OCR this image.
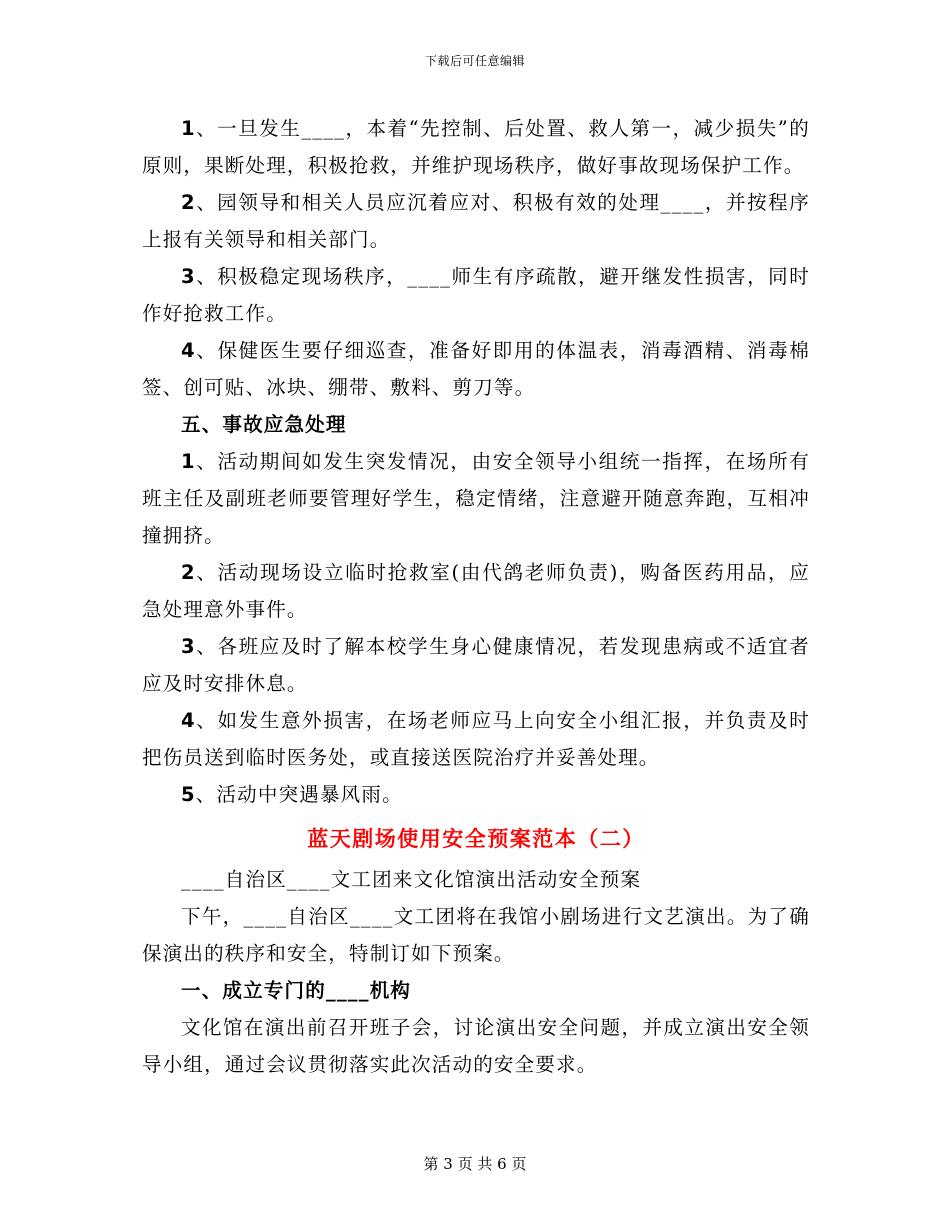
下载后可任意编辑

1、一旦发生____，本着“先控制、后处置、救人第一，减少损失”的原则，果断处理，积极抢救，并维护现场秩序，做好事故现场保护工作。

2、园领导和相关人员应沉着应对、积极有效的处理____，并按程序上报有关领导和相关部门。

3、积极稳定现场秩序，____师生有序疏散，避开继发性损害，同时作好抢救工作。

4、保健医生要仔细巡查，准备好即用的体温表，消毒酒精、消毒棉签、创可贴、冰块、绷带、敷料、剪刀等。

五、事故应急处理

1、活动期间如发生突发情况，由安全领导小组统一指挥，在场所有班主任及副班老师要管理好学生，稳定情绪，注意避开随意奔跑，互相冲撞拥挤。

2、活动现场设立临时抢救室(由代鸽老师负责)，购备医药用品，应急处理意外事件。

3、各班应及时了解本校学生身心健康情况，若发现患病或不适宜者应及时安排休息。

4、如发生意外损害，在场老师应马上向安全小组汇报，并负责及时把伤员送到临时医务处，或直接送医院治疗并妥善处理。

5、活动中突遇暴风雨。

蓝天剧场使用安全预案范本（二）

____自治区____文工团来文化馆演出活动安全预案

下午，____自治区____文工团将在我馆小剧场进行文艺演出。为了确保演出的秩序和安全，特制订如下预案。

一、成立专门的____机构

文化馆在演出前召开班子会，讨论演出安全问题，并成立演出安全领导小组，通过会议贯彻落实此次活动的安全要求。

第 3 页 共 6 页
